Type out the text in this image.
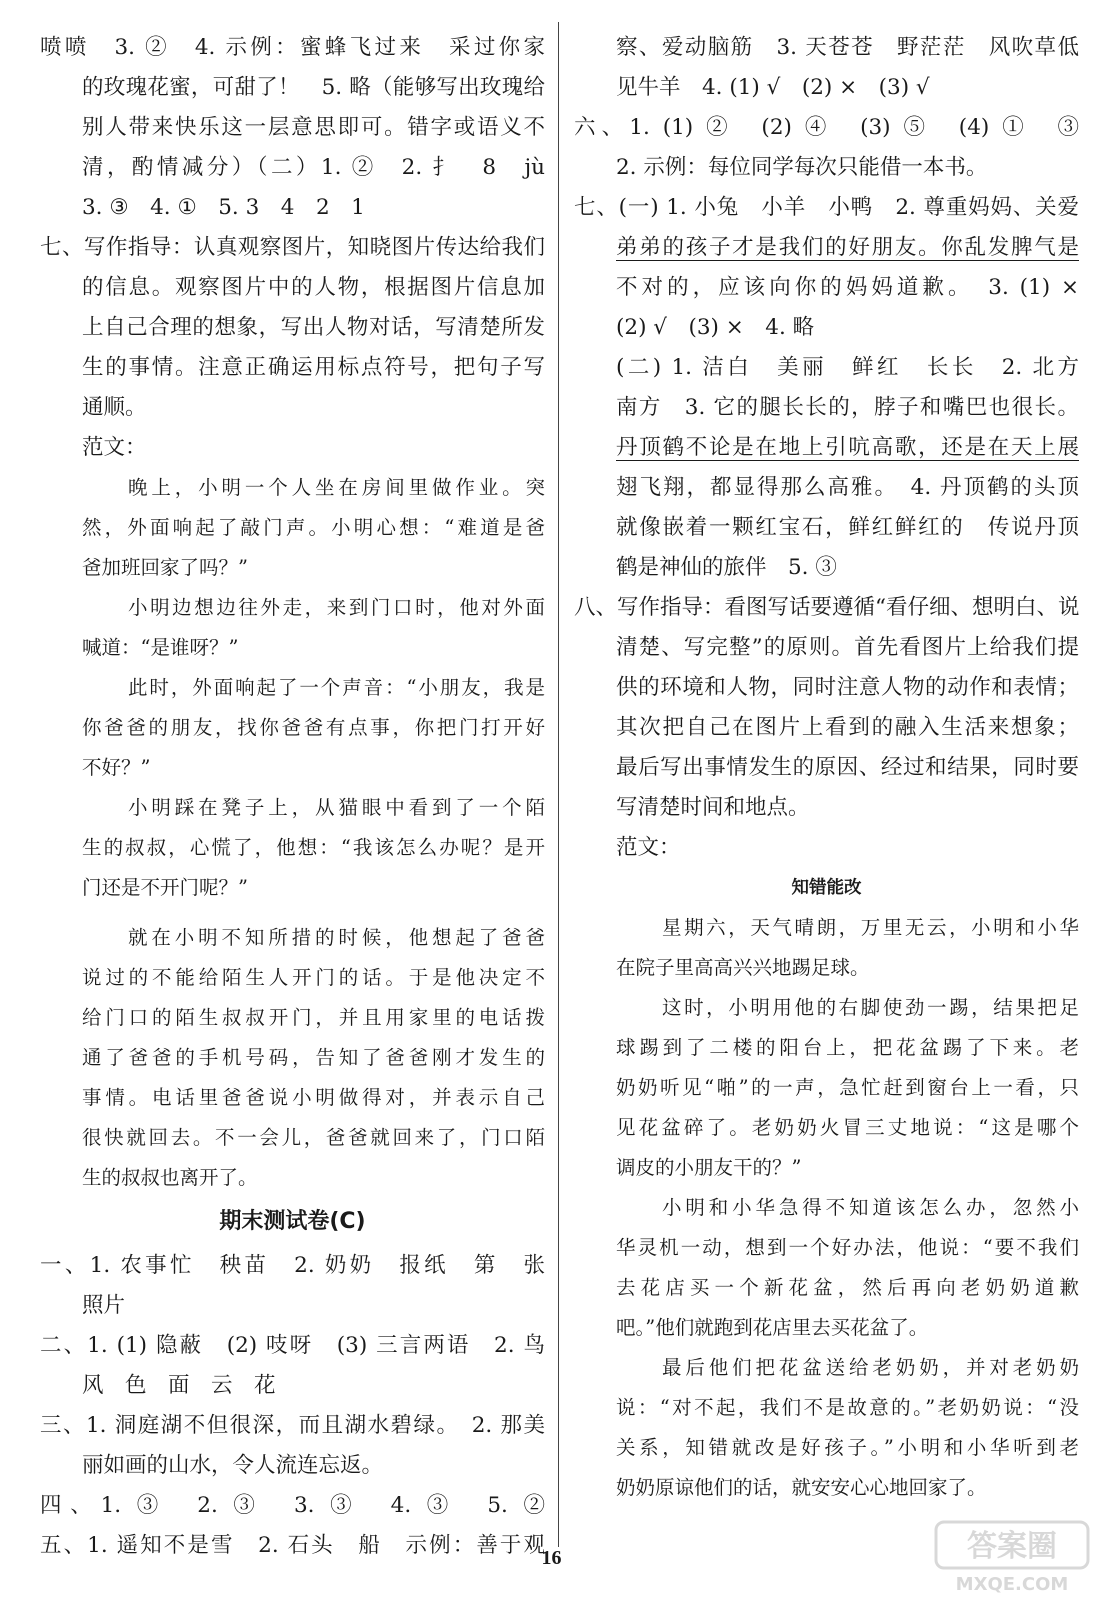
喷喷　3. ②　4. 示例：蜜蜂飞过来　采过你家
的玫瑰花蜜，可甜了！　5. 略（能够写出玫瑰给
别人带来快乐这一层意思即可。错字或语义不
清，酌情减分）（二）1. ②　2. 扌　8　jù
3. ③　4. ①　5. 3　4　2　1
七、写作指导：认真观察图片，知晓图片传达给我们
的信息。观察图片中的人物，根据图片信息加
上自己合理的想象，写出人物对话，写清楚所发
生的事情。注意正确运用标点符号，把句子写
通顺。
范文：
晚上，小明一个人坐在房间里做作业。突
然，外面响起了敲门声。小明心想：“难道是爸
爸加班回家了吗？”
小明边想边往外走，来到门口时，他对外面
喊道：“是谁呀？”
此时，外面响起了一个声音：“小朋友，我是
你爸爸的朋友，找你爸爸有点事，你把门打开好
不好？”
小明踩在凳子上，从猫眼中看到了一个陌
生的叔叔，心慌了，他想：“我该怎么办呢？是开
门还是不开门呢？”
就在小明不知所措的时候，他想起了爸爸
说过的不能给陌生人开门的话。于是他决定不
给门口的陌生叔叔开门，并且用家里的电话拨
通了爸爸的手机号码，告知了爸爸刚才发生的
事情。电话里爸爸说小明做得对，并表示自己
很快就回去。不一会儿，爸爸就回来了，门口陌
生的叔叔也离开了。
期末测试卷(C)
一、1. 农事忙　秧苗　2. 奶奶　报纸　第　张
照片
二、1. (1) 隐蔽　(2) 吱呀　(3) 三言两语　2. 鸟
风　色　面　云　花
三、1. 洞庭湖不但很深，而且湖水碧绿。　2. 那美
丽如画的山水，令人流连忘返。
四、1. ③　2. ③　3. ③　4. ③　5. ②
五、1. 遥知不是雪　2. 石头　船　示例：善于观
察、爱动脑筋　3. 天苍苍　野茫茫　风吹草低
见牛羊　4. (1) √　(2) ×　(3) √
六、1. (1) ②　(2) ④　(3) ⑤　(4) ①　③
2. 示例：每位同学每次只能借一本书。
七、(一) 1. 小兔　小羊　小鸭　2. 尊重妈妈、关爱
弟弟的孩子才是我们的好朋友。你乱发脾气是
不对的，应该向你的妈妈道歉。　3. (1) ×
(2) √　(3) ×　4. 略
(二) 1. 洁白　美丽　鲜红　长长　2. 北方
南方　3. 它的腿长长的，脖子和嘴巴也很长。
丹顶鹤不论是在地上引吭高歌，还是在天上展
翅飞翔，都显得那么高雅。　4. 丹顶鹤的头顶
就像嵌着一颗红宝石，鲜红鲜红的　传说丹顶
鹤是神仙的旅伴　5. ③
八、写作指导：看图写话要遵循“看仔细、想明白、说
清楚、写完整”的原则。首先看图片上给我们提
供的环境和人物，同时注意人物的动作和表情；
其次把自己在图片上看到的融入生活来想象；
最后写出事情发生的原因、经过和结果，同时要
写清楚时间和地点。
范文：
知错能改
星期六，天气晴朗，万里无云，小明和小华
在院子里高高兴兴地踢足球。
这时，小明用他的右脚使劲一踢，结果把足
球踢到了二楼的阳台上，把花盆踢了下来。老
奶奶听见“啪”的一声，急忙赶到窗台上一看，只
见花盆碎了。老奶奶火冒三丈地说：“这是哪个
调皮的小朋友干的？”
小明和小华急得不知道该怎么办，忽然小
华灵机一动，想到一个好办法，他说：“要不我们
去花店买一个新花盆，然后再向老奶奶道歉
吧。”他们就跑到花店里去买花盆了。
最后他们把花盆送给老奶奶，并对老奶奶
说：“对不起，我们不是故意的。”老奶奶说：“没
关系，知错就改是好孩子。”小明和小华听到老
奶奶原谅他们的话，就安安心心地回家了。
16	答案圈
MXQE.COM
